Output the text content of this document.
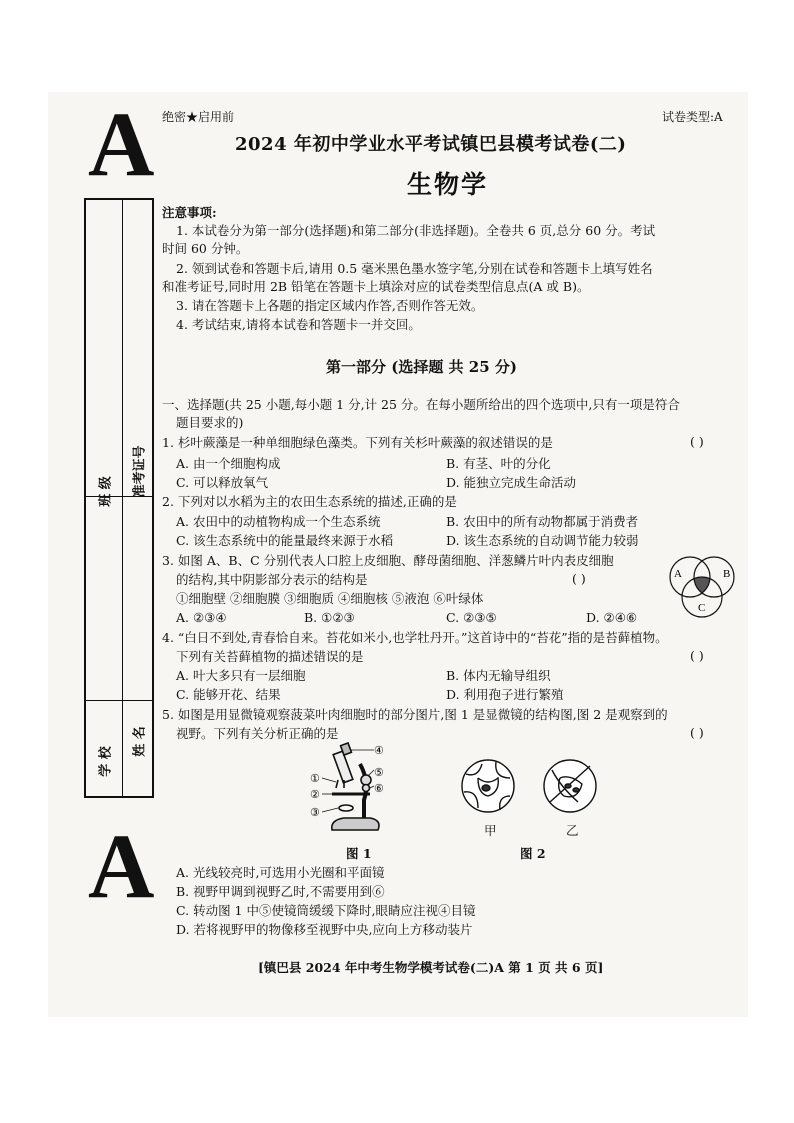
A 绝密★启用前	试卷类型:A
2024 年初中学业水平考试镇巴县模考试卷(二)
生物学
班 级	准考证号
学 校
姓 名
注意事项:
1. 本试卷分为第一部分(选择题)和第二部分(非选择题)。全卷共 6 页,总分 60 分。考试
时间 60 分钟。
2. 领到试卷和答题卡后,请用 0.5 毫米黑色墨水签字笔,分别在试卷和答题卡上填写姓名
和准考证号,同时用 2B 铅笔在答题卡上填涂对应的试卷类型信息点(A 或 B)。
3. 请在答题卡上各题的指定区域内作答,否则作答无效。
4. 考试结束,请将本试卷和答题卡一并交回。
第一部分 (选择题 共 25 分)
一、选择题(共 25 小题,每小题 1 分,计 25 分。在每小题所给出的四个选项中,只有一项是符合
题目要求的)
1. 杉叶蕨藻是一种单细胞绿色藻类。下列有关杉叶蕨藻的叙述错误的是	( )
A. 由一个细胞构成	B. 有茎、叶的分化
C. 可以释放氧气	D. 能独立完成生命活动
2. 下列对以水稻为主的农田生态系统的描述,正确的是
A. 农田中的动植物构成一个生态系统	B. 农田中的所有动物都属于消费者
C. 该生态系统中的能量最终来源于水稻	D. 该生态系统的自动调节能力较弱
3. 如图 A、B、C 分别代表人口腔上皮细胞、酵母菌细胞、洋葱鳞片叶内表皮细胞
的结构,其中阴影部分表示的结构是	( )
①细胞壁 ②细胞膜 ③细胞质 ④细胞核 ⑤液泡 ⑥叶绿体
A. ②③④	B. ①②③	C. ②③⑤	D. ②④⑥
A	B
C
4. “白日不到处,青春恰自来。苔花如米小,也学牡丹开。”这首诗中的“苔花”指的是苔藓植物。
下列有关苔藓植物的描述错误的是	( )
A. 叶大多只有一层细胞	B. 体内无输导组织
C. 能够开花、结果	D. 利用孢子进行繁殖
5. 如图是用显微镜观察菠菜叶肉细胞时的部分图片,图 1 是显微镜的结构图,图 2 是观察到的
视野。下列有关分析正确的是	( )
④
⑤
⑥
①
②
③
图 1
甲	乙
图 2
A A. 光线较亮时,可选用小光圈和平面镜
B. 视野甲调到视野乙时,不需要用到⑥
C. 转动图 1 中⑤使镜筒缓缓下降时,眼睛应注视④目镜
D. 若将视野甲的物像移至视野中央,应向上方移动装片
[镇巴县 2024 年中考生物学模考试卷(二)A 第 1 页 共 6 页]
